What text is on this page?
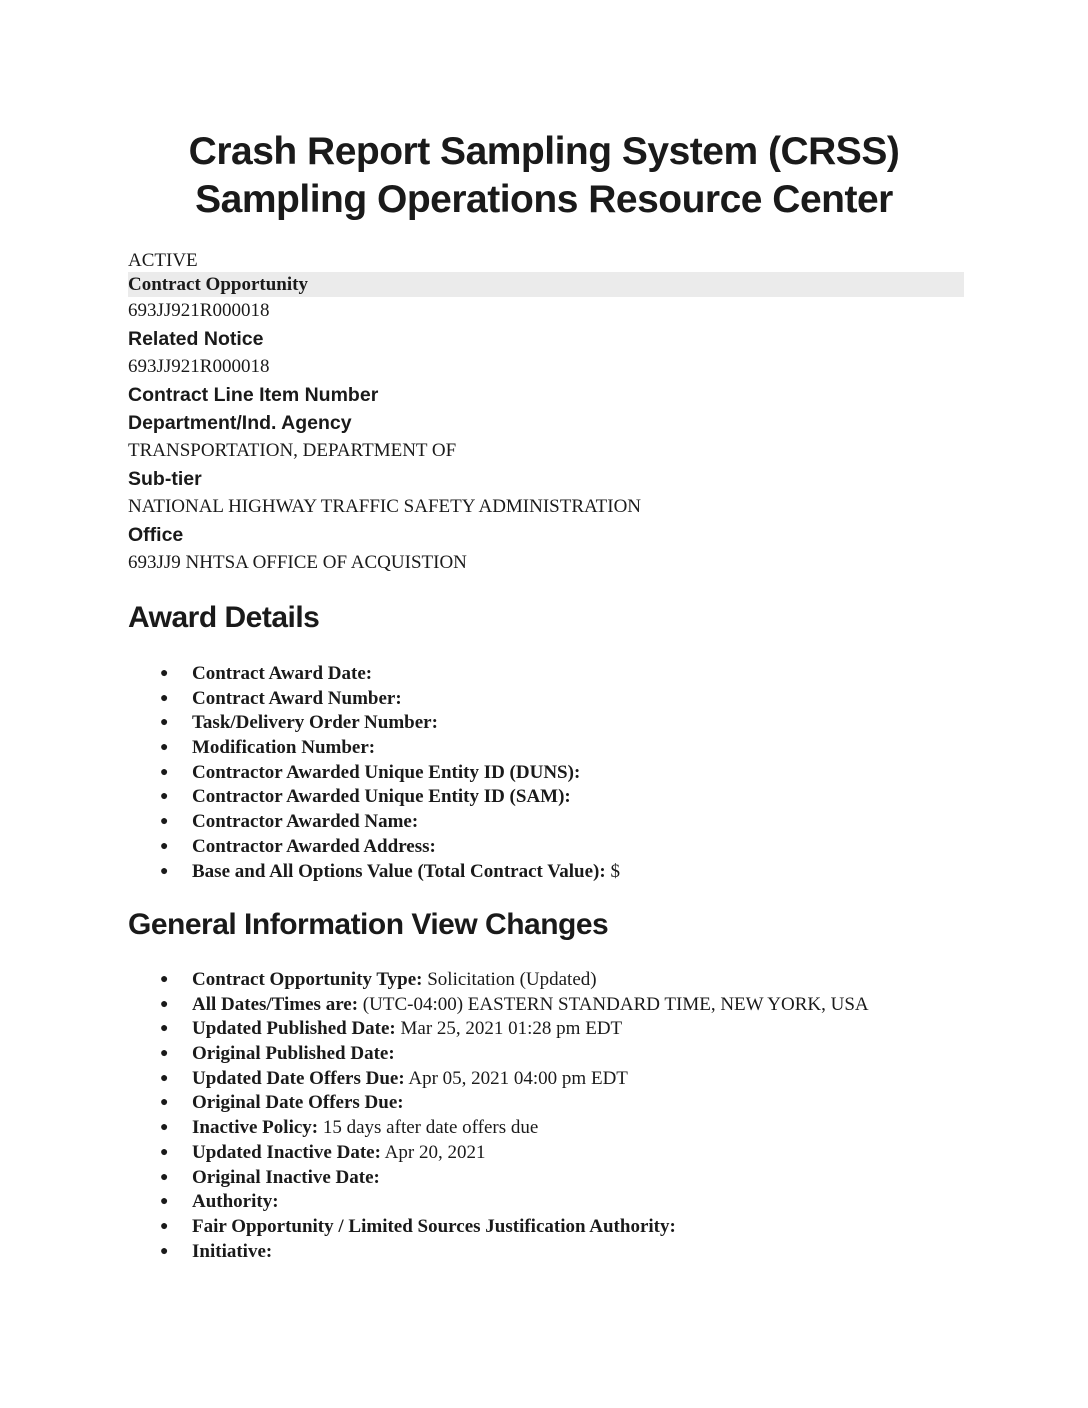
Crash Report Sampling System (CRSS)
Sampling Operations Resource Center
ACTIVE
Contract Opportunity
693JJ921R000018
Related Notice
693JJ921R000018
Contract Line Item Number
Department/Ind. Agency
TRANSPORTATION, DEPARTMENT OF
Sub-tier
NATIONAL HIGHWAY TRAFFIC SAFETY ADMINISTRATION
Office
693JJ9 NHTSA OFFICE OF ACQUISTION
Award Details
● Contract Award Date:
● Contract Award Number:
● Task/Delivery Order Number:
● Modification Number:
● Contractor Awarded Unique Entity ID (DUNS):
● Contractor Awarded Unique Entity ID (SAM):
● Contractor Awarded Name:
● Contractor Awarded Address:
● Base and All Options Value (Total Contract Value): $
General Information View Changes
● Contract Opportunity Type: Solicitation (Updated)
● All Dates/Times are: (UTC-04:00) EASTERN STANDARD TIME, NEW YORK, USA
● Updated Published Date: Mar 25, 2021 01:28 pm EDT
● Original Published Date:
● Updated Date Offers Due: Apr 05, 2021 04:00 pm EDT
● Original Date Offers Due:
● Inactive Policy: 15 days after date offers due
● Updated Inactive Date: Apr 20, 2021
● Original Inactive Date:
● Authority:
● Fair Opportunity / Limited Sources Justification Authority:
● Initiative:
